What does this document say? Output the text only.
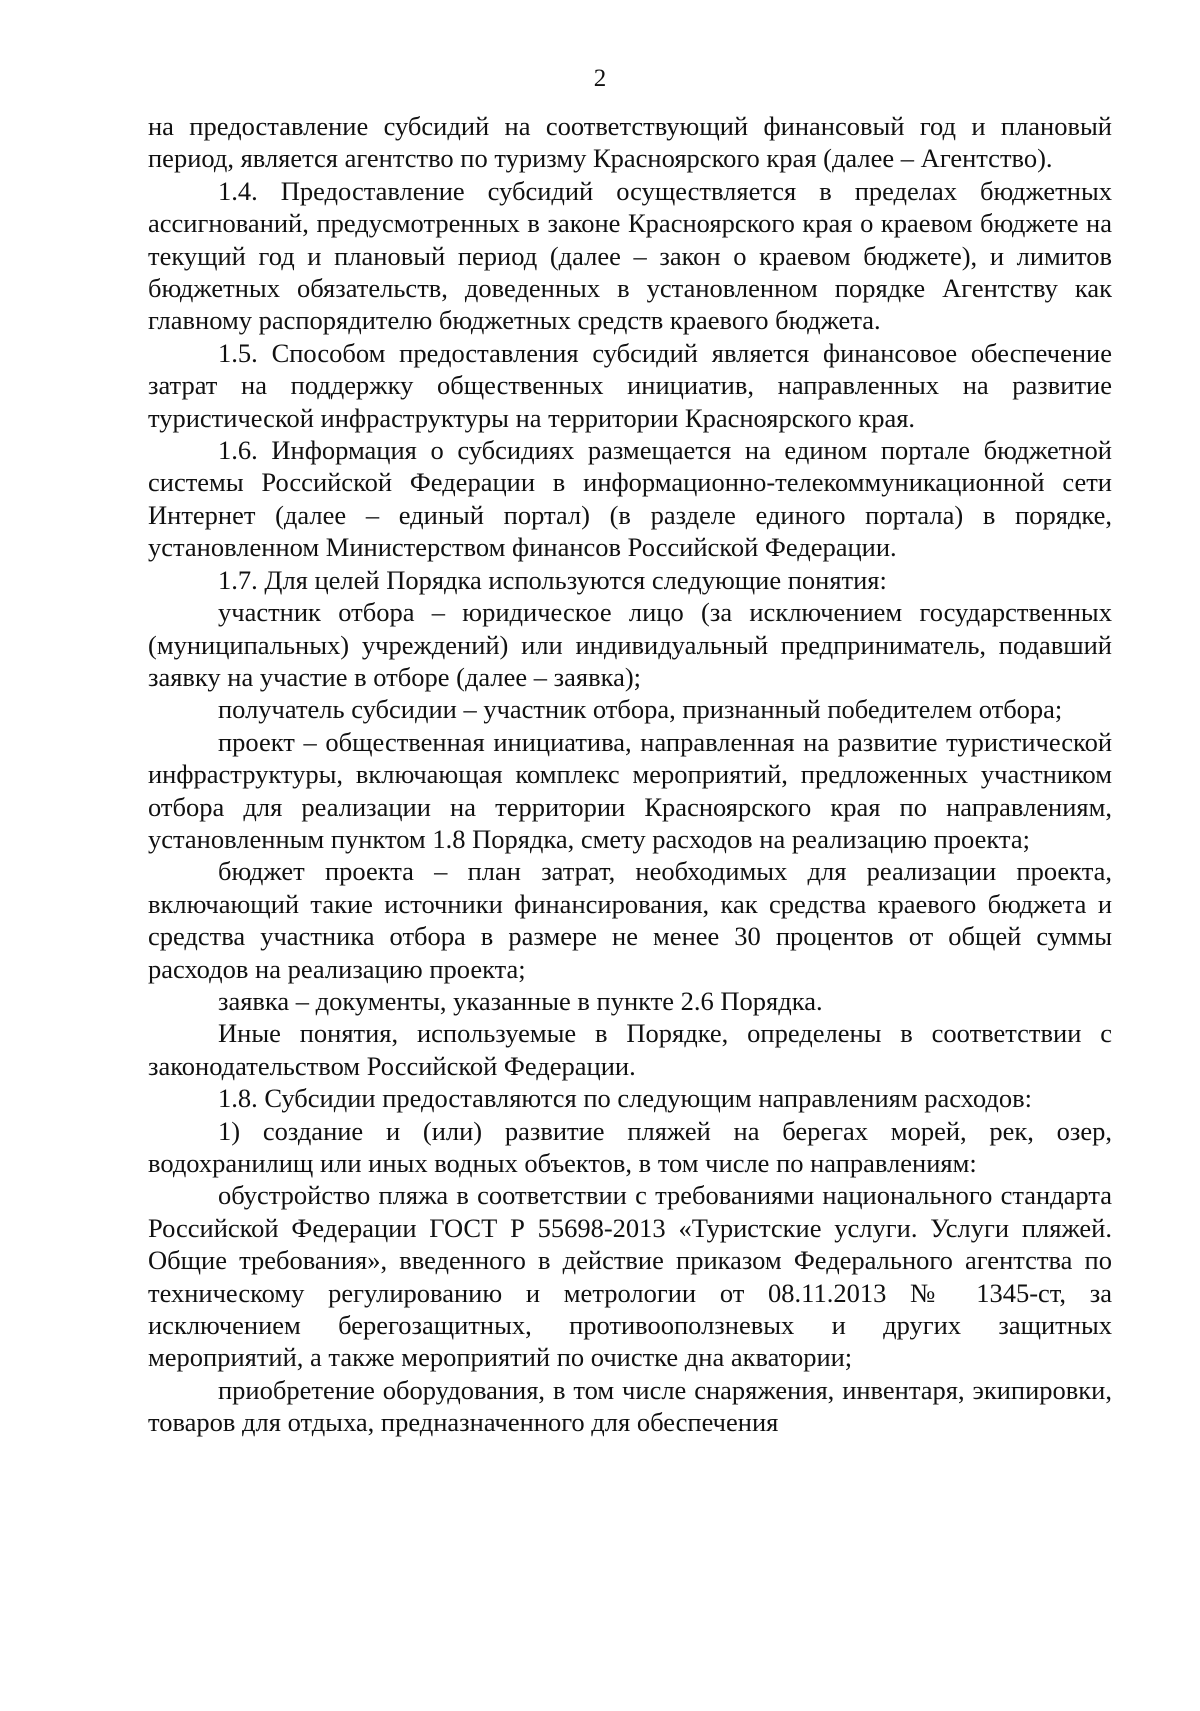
2

на предоставление субсидий на соответствующий финансовый год и плановый период, является агентство по туризму Красноярского края (далее – Агентство).

1.4. Предоставление субсидий осуществляется в пределах бюджетных ассигнований, предусмотренных в законе Красноярского края о краевом бюджете на текущий год и плановый период (далее – закон о краевом бюджете), и лимитов бюджетных обязательств, доведенных в установленном порядке Агентству как главному распорядителю бюджетных средств краевого бюджета.

1.5. Способом предоставления субсидий является финансовое обеспечение затрат на поддержку общественных инициатив, направленных на развитие туристической инфраструктуры на территории Красноярского края.

1.6. Информация о субсидиях размещается на едином портале бюджетной системы Российской Федерации в информационно-телекоммуникационной сети Интернет (далее – единый портал) (в разделе единого портала) в порядке, установленном Министерством финансов Российской Федерации.

1.7. Для целей Порядка используются следующие понятия:

участник отбора – юридическое лицо (за исключением государственных (муниципальных) учреждений) или индивидуальный предприниматель, подавший заявку на участие в отборе (далее – заявка);

получатель субсидии – участник отбора, признанный победителем отбора;

проект – общественная инициатива, направленная на развитие туристической инфраструктуры, включающая комплекс мероприятий, предложенных участником отбора для реализации на территории Красноярского края по направлениям, установленным пунктом 1.8 Порядка, смету расходов на реализацию проекта;

бюджет проекта – план затрат, необходимых для реализации проекта, включающий такие источники финансирования, как средства краевого бюджета и средства участника отбора в размере не менее 30 процентов от общей суммы расходов на реализацию проекта;

заявка – документы, указанные в пункте 2.6 Порядка.

Иные понятия, используемые в Порядке, определены в соответствии с законодательством Российской Федерации.

1.8. Субсидии предоставляются по следующим направлениям расходов:

1) создание и (или) развитие пляжей на берегах морей, рек, озер, водохранилищ или иных водных объектов, в том числе по направлениям:

обустройство пляжа в соответствии с требованиями национального стандарта Российской Федерации ГОСТ Р 55698-2013 «Туристские услуги. Услуги пляжей. Общие требования», введенного в действие приказом Федерального агентства по техническому регулированию и метрологии от 08.11.2013 № 1345-ст, за исключением берегозащитных, противооползневых и других защитных мероприятий, а также мероприятий по очистке дна акватории;

приобретение оборудования, в том числе снаряжения, инвентаря, экипировки, товаров для отдыха, предназначенного для обеспечения
